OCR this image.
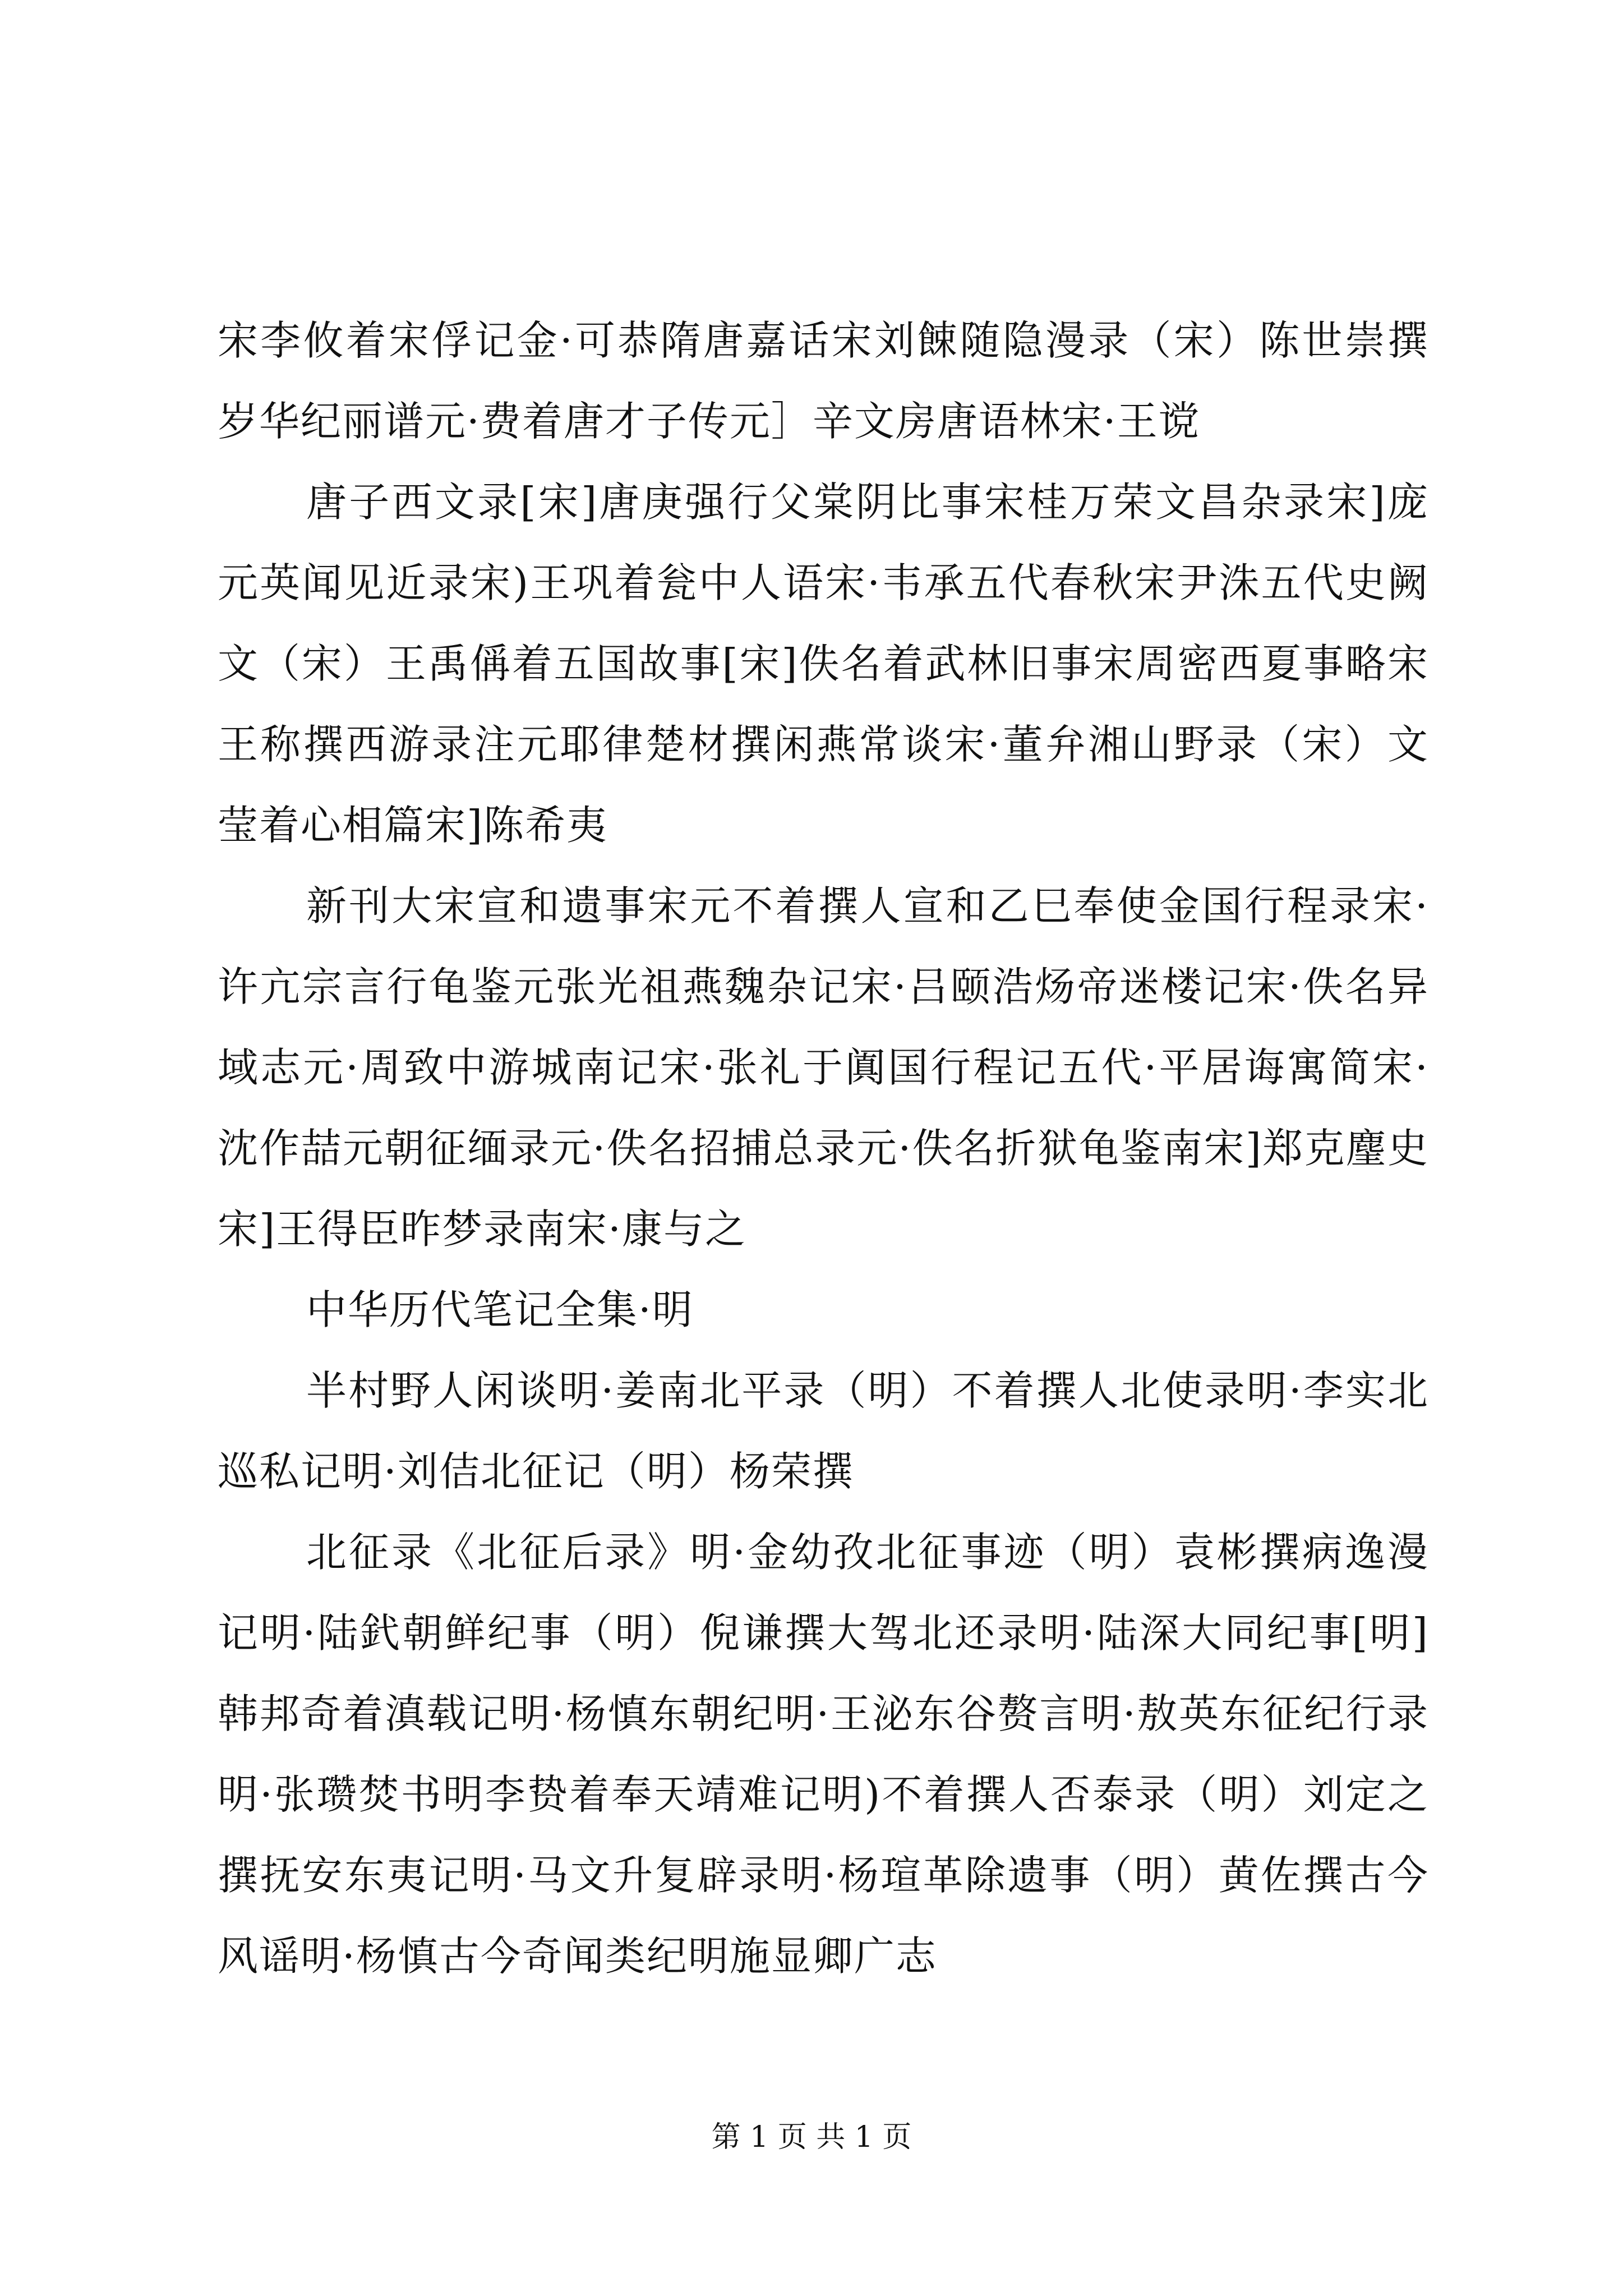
宋李攸着宋俘记金·可恭隋唐嘉话宋刘餗随隐漫录（宋）陈世崇撰岁华纪丽谱元·费着唐才子传元］辛文房唐语林宋·王谠

唐子西文录[宋]唐庚强行父棠阴比事宋桂万荣文昌杂录宋]庞元英闻见近录宋)王巩着瓮中人语宋·韦承五代春秋宋尹洙五代史阙文（宋）王禹偁着五国故事[宋]佚名着武林旧事宋周密西夏事略宋王称撰西游录注元耶律楚材撰闲燕常谈宋·董弁湘山野录（宋）文莹着心相篇宋]陈希夷

新刊大宋宣和遗事宋元不着撰人宣和乙巳奉使金国行程录宋·许亢宗言行龟鉴元张光祖燕魏杂记宋·吕颐浩炀帝迷楼记宋·佚名异域志元·周致中游城南记宋·张礼于阗国行程记五代·平居诲寓简宋·沈作喆元朝征缅录元·佚名招捕总录元·佚名折狱龟鉴南宋]郑克麈史宋]王得臣昨梦录南宋·康与之

中华历代笔记全集·明

半村野人闲谈明·姜南北平录（明）不着撰人北使录明·李实北巡私记明·刘佶北征记（明）杨荣撰

北征录《北征后录》明·金幼孜北征事迹（明）袁彬撰病逸漫记明·陆釴朝鲜纪事（明）倪谦撰大驾北还录明·陆深大同纪事[明]韩邦奇着滇载记明·杨慎东朝纪明·王泌东谷赘言明·敖英东征纪行录明·张瓒焚书明李贽着奉天靖难记明)不着撰人否泰录（明）刘定之撰抚安东夷记明·马文升复辟录明·杨瑄革除遗事（明）黄佐撰古今风谣明·杨慎古今奇闻类纪明施显卿广志

第 1 页 共 1 页
